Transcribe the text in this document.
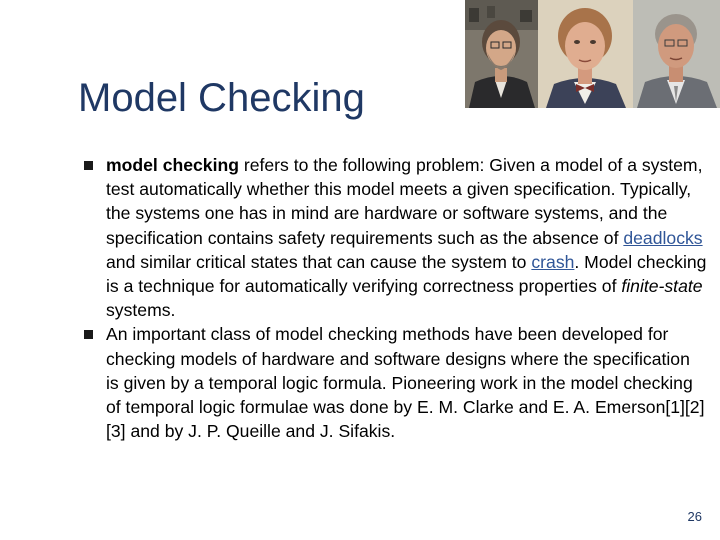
Model Checking
model checking refers to the following problem: Given a model of a system, test automatically whether this model meets a given specification. Typically, the systems one has in mind are hardware or software systems, and the specification contains safety requirements such as the absence of deadlocks and similar critical states that can cause the system to crash. Model checking is a technique for automatically verifying correctness properties of finite-state systems.
An important class of model checking methods have been developed for checking models of hardware and software designs where the specification is given by a temporal logic formula. Pioneering work in the model checking of temporal logic formulae was done by E. M. Clarke and E. A. Emerson[1][2][3] and by J. P. Queille and J. Sifakis.
26
